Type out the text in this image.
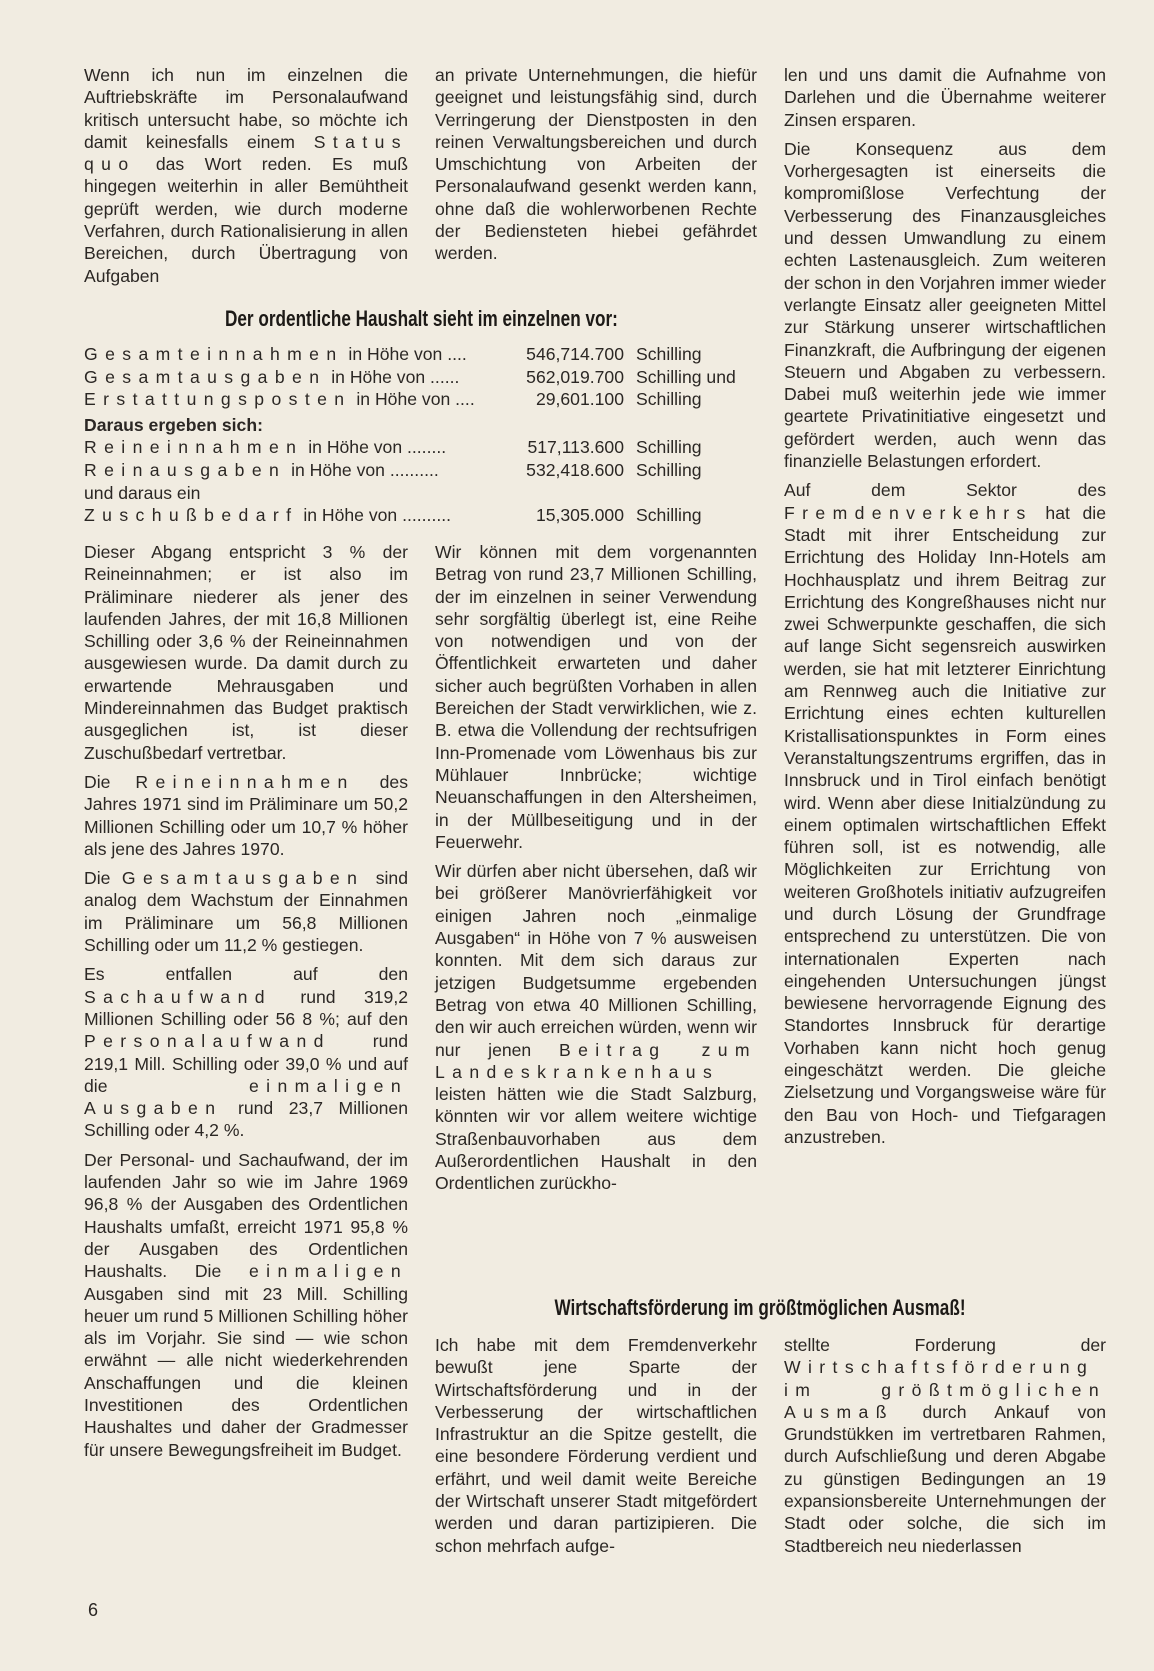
Wenn ich nun im einzelnen die Auftriebskräfte im Personalaufwand kritisch untersucht habe, so möchte ich damit keinesfalls einem Status quo das Wort reden. Es muß hingegen weiterhin in aller Bemühtheit geprüft werden, wie durch moderne Verfahren, durch Rationalisierung in allen Bereichen, durch Übertragung von Aufgaben

an private Unternehmungen, die hiefür geeignet und leistungsfähig sind, durch Verringerung der Dienstposten in den reinen Verwaltungsbereichen und durch Umschichtung von Arbeiten der Personalaufwand gesenkt werden kann, ohne daß die wohlerworbenen Rechte der Bediensteten hiebei gefährdet werden.

len und uns damit die Aufnahme von Darlehen und die Übernahme weiterer Zinsen ersparen.

Die Konsequenz aus dem Vorhergesagten ist einerseits die kompromißlose Verfechtung der Verbesserung des Finanzausgleiches und dessen Umwandlung zu einem echten Lastenausgleich. Zum weiteren der schon in den Vorjahren immer wieder verlangte Einsatz aller geeigneten Mittel zur Stärkung unserer wirtschaftlichen Finanzkraft, die Aufbringung der eigenen Steuern und Abgaben zu verbessern. Dabei muß weiterhin jede wie immer geartete Privatinitiative eingesetzt und gefördert werden, auch wenn das finanzielle Belastungen erfordert.

Auf dem Sektor des Fremdenverkehrs hat die Stadt mit ihrer Entscheidung zur Errichtung des Holiday Inn-Hotels am Hochhausplatz und ihrem Beitrag zur Errichtung des Kongreßhauses nicht nur zwei Schwerpunkte geschaffen, die sich auf lange Sicht segensreich auswirken werden, sie hat mit letzterer Einrichtung am Rennweg auch die Initiative zur Errichtung eines echten kulturellen Kristallisationspunktes in Form eines Veranstaltungszentrums ergriffen, das in Innsbruck und in Tirol einfach benötigt wird. Wenn aber diese Initialzündung zu einem optimalen wirtschaftlichen Effekt führen soll, ist es notwendig, alle Möglichkeiten zur Errichtung von weiteren Großhotels initiativ aufzugreifen und durch Lösung der Grundfrage entsprechend zu unterstützen. Die von internationalen Experten nach eingehenden Untersuchungen jüngst bewiesene hervorragende Eignung des Standortes Innsbruck für derartige Vorhaben kann nicht hoch genug eingeschätzt werden. Die gleiche Zielsetzung und Vorgangsweise wäre für den Bau von Hoch- und Tiefgaragen anzustreben.

Der ordentliche Haushalt sieht im einzelnen vor:
Gesamteinnahmen in Höhe von ....	546,714.700 Schilling
Gesamtausgaben in Höhe von ......	562,019.700 Schilling und
Erstattungsposten in Höhe von ....	29,601.100 Schilling
Daraus ergeben sich:
Reineinnahmen in Höhe von ........	517,113.600 Schilling
Reinausgaben in Höhe von ..........	532,418.600 Schilling
und daraus ein
Zuschußbedarf in Höhe von ..........	15,305.000 Schilling

Dieser Abgang entspricht 3 % der Reineinnahmen; er ist also im Präliminare niederer als jener des laufenden Jahres, der mit 16,8 Millionen Schilling oder 3,6 % der Reineinnahmen ausgewiesen wurde. Da damit durch zu erwartende Mehrausgaben und Mindereinnahmen das Budget praktisch ausgeglichen ist, ist dieser Zuschußbedarf vertretbar.

Die Reineinnahmen des Jahres 1971 sind im Präliminare um 50,2 Millionen Schilling oder um 10,7 % höher als jene des Jahres 1970.

Die Gesamtausgaben sind analog dem Wachstum der Einnahmen im Präliminare um 56,8 Millionen Schilling oder um 11,2 % gestiegen.

Es entfallen auf den Sachaufwand rund 319,2 Millionen Schilling oder 56 8 %; auf den Personalaufwand rund 219,1 Mill. Schilling oder 39,0 % und auf die einmaligen Ausgaben rund 23,7 Millionen Schilling oder 4,2 %.

Der Personal- und Sachaufwand, der im laufenden Jahr so wie im Jahre 1969 96,8 % der Ausgaben des Ordentlichen Haushalts umfaßt, erreicht 1971 95,8 % der Ausgaben des Ordentlichen Haushalts. Die einmaligen Ausgaben sind mit 23 Mill. Schilling heuer um rund 5 Millionen Schilling höher als im Vorjahr. Sie sind — wie schon erwähnt — alle nicht wiederkehrenden Anschaffungen und die kleinen Investitionen des Ordentlichen Haushaltes und daher der Gradmesser für unsere Bewegungsfreiheit im Budget.

Wir können mit dem vorgenannten Betrag von rund 23,7 Millionen Schilling, der im einzelnen in seiner Verwendung sehr sorgfältig überlegt ist, eine Reihe von notwendigen und von der Öffentlichkeit erwarteten und daher sicher auch begrüßten Vorhaben in allen Bereichen der Stadt verwirklichen, wie z. B. etwa die Vollendung der rechtsufrigen Inn-Promenade vom Löwenhaus bis zur Mühlauer Innbrücke; wichtige Neuanschaffungen in den Altersheimen, in der Müllbeseitigung und in der Feuerwehr.

Wir dürfen aber nicht übersehen, daß wir bei größerer Manövrierfähigkeit vor einigen Jahren noch „einmalige Ausgaben“ in Höhe von 7 % ausweisen konnten. Mit dem sich daraus zur jetzigen Budgetsumme ergebenden Betrag von etwa 40 Millionen Schilling, den wir auch erreichen würden, wenn wir nur jenen Beitrag zum Landeskrankenhaus leisten hätten wie die Stadt Salzburg, könnten wir vor allem weitere wichtige Straßenbauvorhaben aus dem Außerordentlichen Haushalt in den Ordentlichen zurückho-

Wirtschaftsförderung im größtmöglichen Ausmaß!

Ich habe mit dem Fremdenverkehr bewußt jene Sparte der Wirtschaftsförderung und in der Verbesserung der wirtschaftlichen Infrastruktur an die Spitze gestellt, die eine besondere Förderung verdient und erfährt, und weil damit weite Bereiche der Wirtschaft unserer Stadt mitgefördert werden und daran partizipieren. Die schon mehrfach aufge-

stellte Forderung der Wirtschaftsförderung im größtmöglichen Ausmaß durch Ankauf von Grundstükken im vertretbaren Rahmen, durch Aufschließung und deren Abgabe zu günstigen Bedingungen an 19 expansionsbereite Unternehmungen der Stadt oder solche, die sich im Stadtbereich neu niederlassen

6
